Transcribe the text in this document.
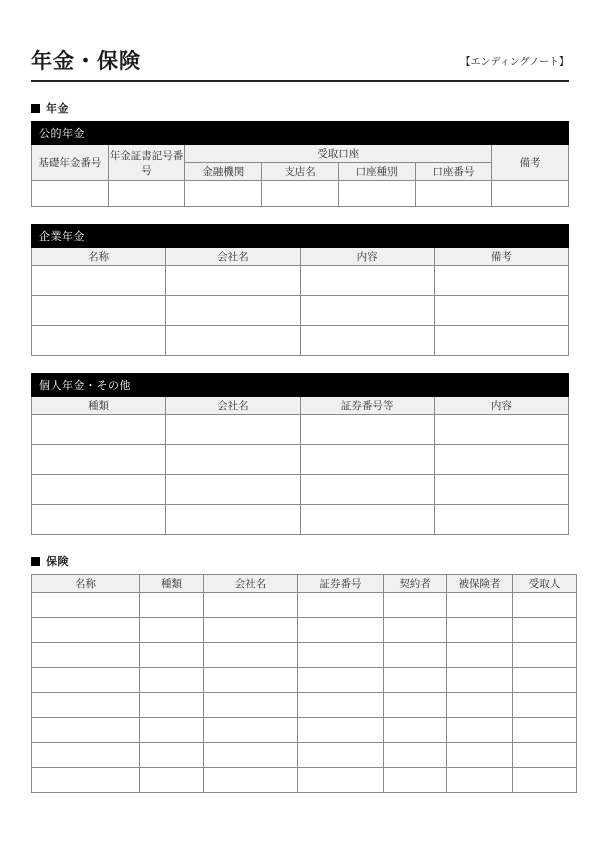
年金・保険	【エンディングノート】
年金
公的年金						
基礎年金番号	年金証書記号番号	受取口座				備考
		金融機関	支店名	口座種別	口座番号	

企業年金			
名称	会社名	内容	備考

個人年金・その他			
種類	会社名	証券番号等	内容

保険
名称	種類	会社名	証券番号	契約者	被保険者	受取人
